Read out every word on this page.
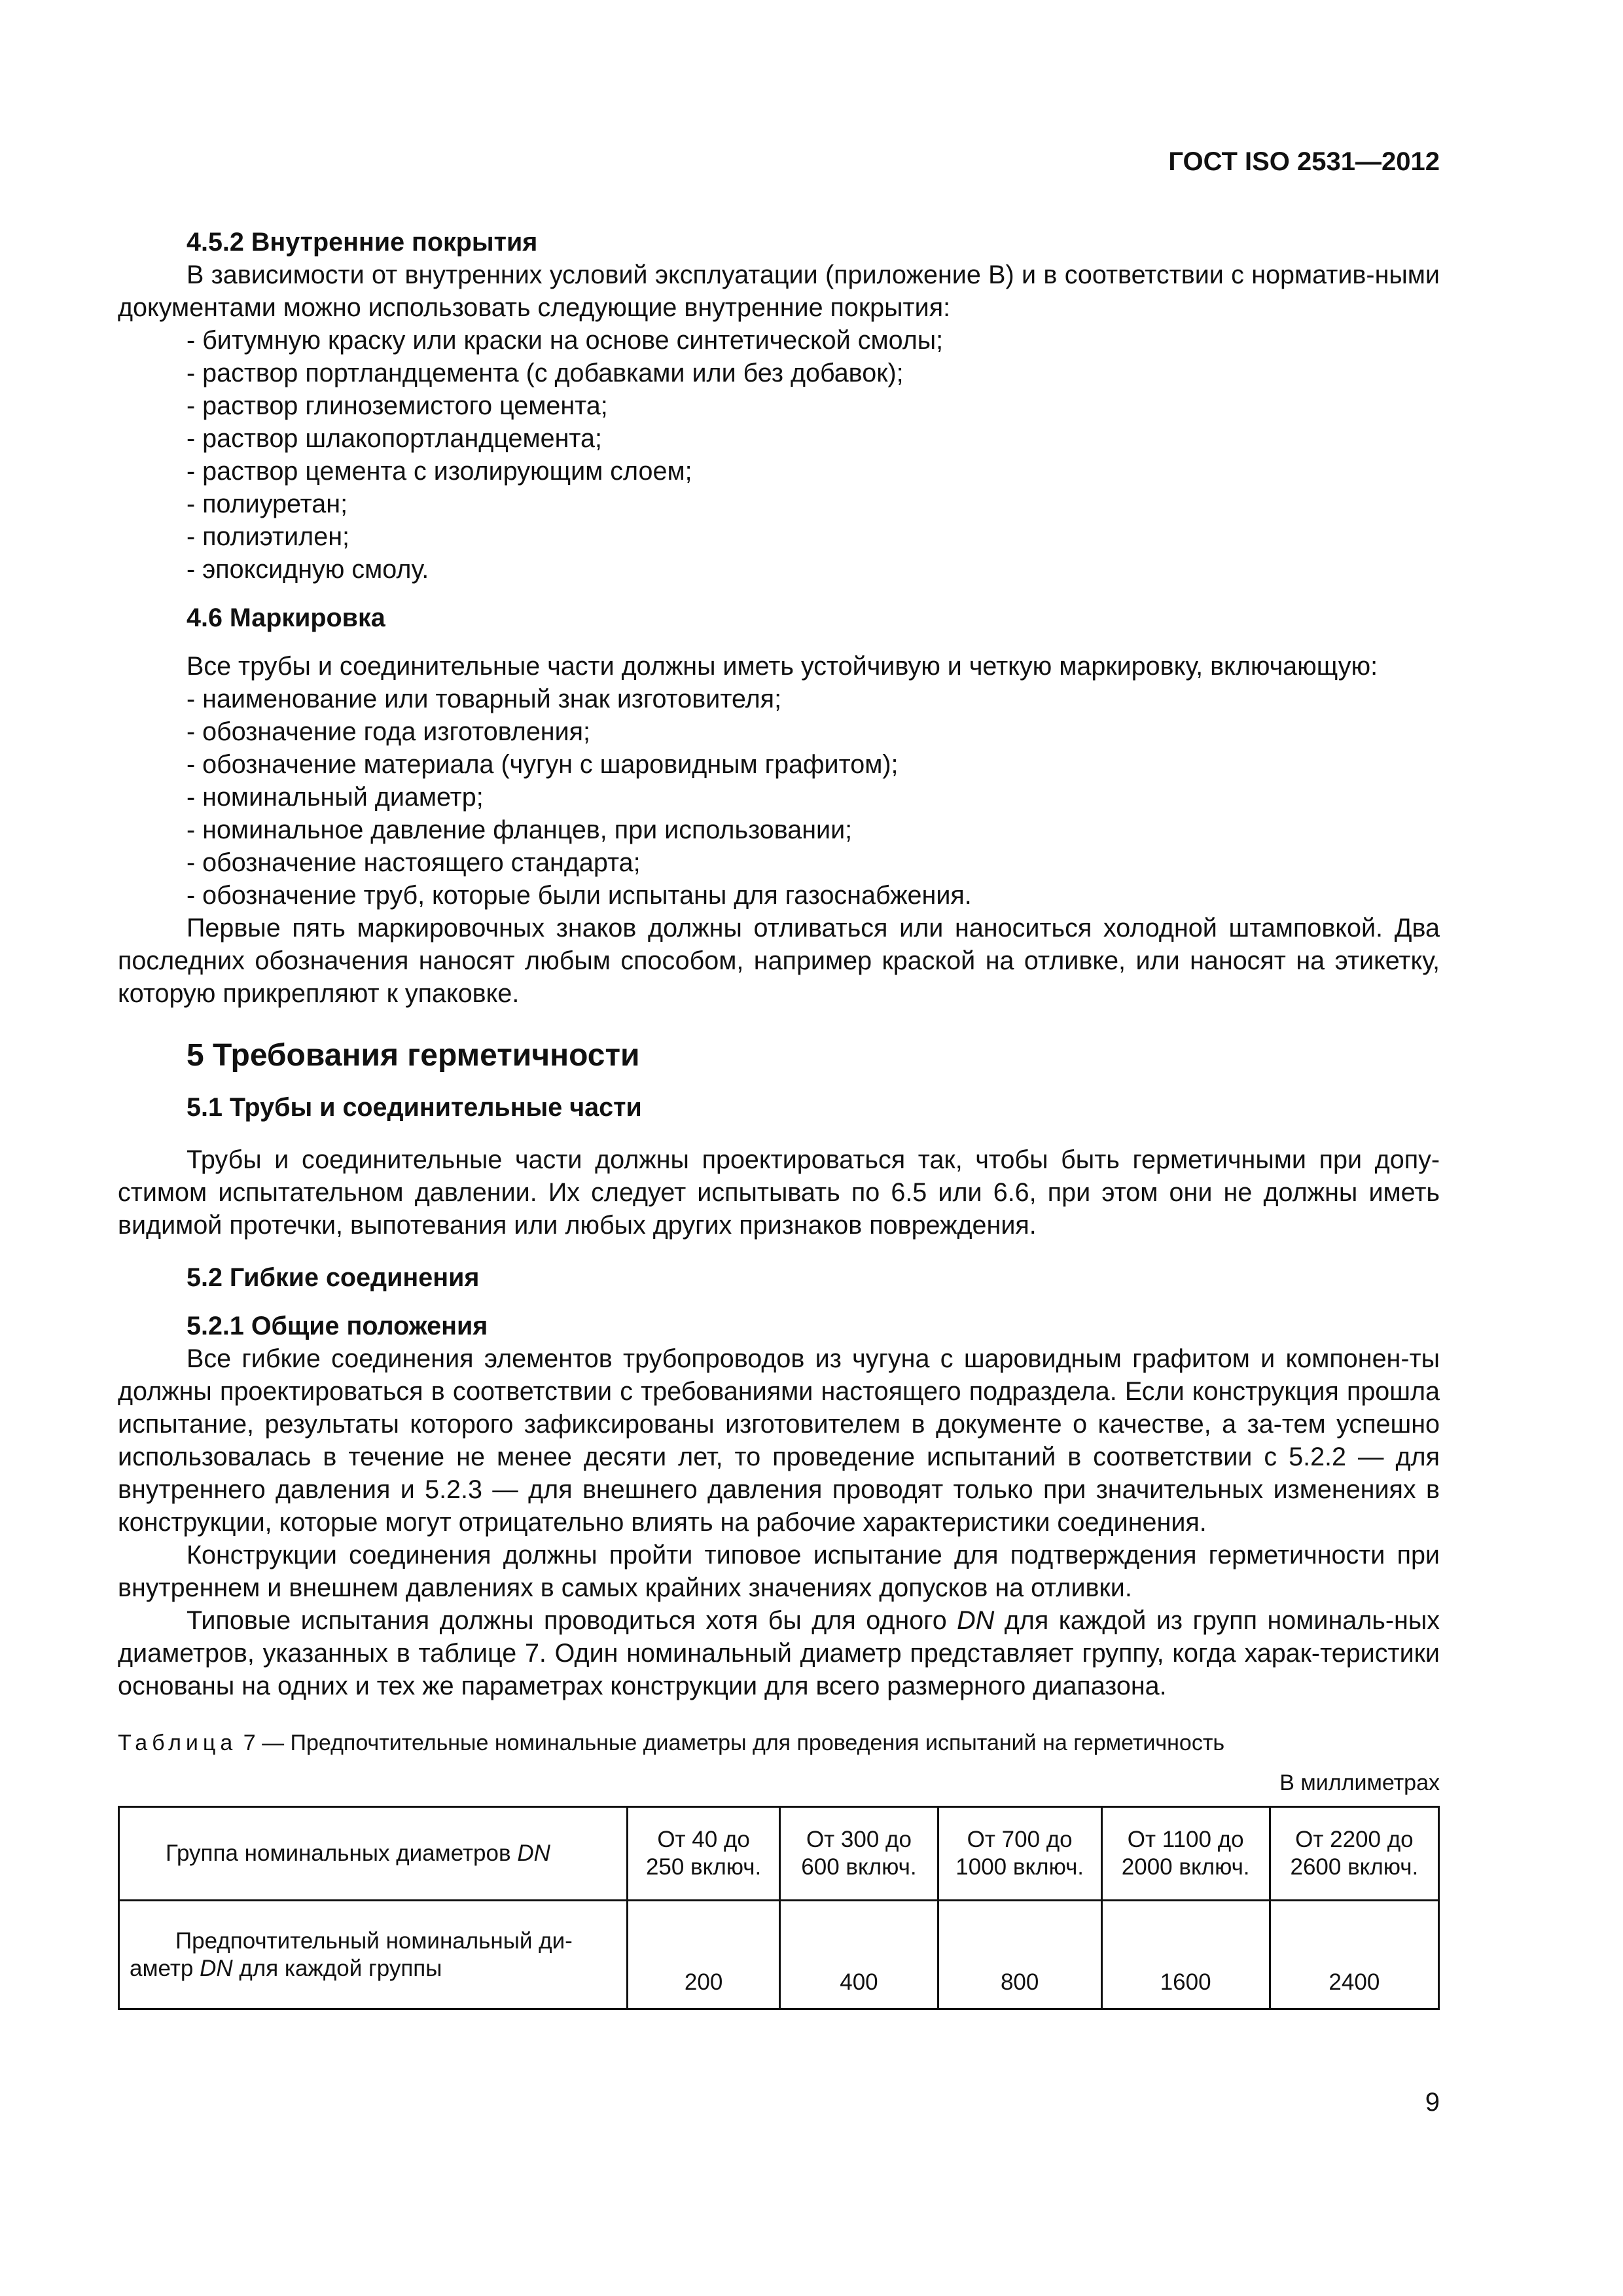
ГОСТ ISO 2531—2012
4.5.2 Внутренние покрытия

В зависимости от внутренних условий эксплуатации (приложение В) и в соответствии с норматив-ными документами можно использовать следующие внутренние покрытия:

- битумную краску или краски на основе синтетической смолы;
- раствор портландцемента (с добавками или без добавок);
- раствор глиноземистого цемента;
- раствор шлакопортландцемента;
- раствор цемента с изолирующим слоем;
- полиуретан;
- полиэтилен;
- эпоксидную смолу.
4.6 Маркировка

Все трубы и соединительные части должны иметь устойчивую и четкую маркировку, включающую:

- наименование или товарный знак изготовителя;
- обозначение года изготовления;
- обозначение материала (чугун с шаровидным графитом);
- номинальный диаметр;
- номинальное давление фланцев, при использовании;
- обозначение настоящего стандарта;
- обозначение труб, которые были испытаны для газоснабжения.

Первые пять маркировочных знаков должны отливаться или наноситься холодной штамповкой. Два последних обозначения наносят любым способом, например краской на отливке, или наносят на этикетку, которую прикрепляют к упаковке.

5 Требования герметичности
5.1 Трубы и соединительные части

Трубы и соединительные части должны проектироваться так, чтобы быть герметичными при допу-стимом испытательном давлении. Их следует испытывать по 6.5 или 6.6, при этом они не должны иметь видимой протечки, выпотевания или любых других признаков повреждения.

5.2 Гибкие соединения
5.2.1 Общие положения

Все гибкие соединения элементов трубопроводов из чугуна с шаровидным графитом и компонен-ты должны проектироваться в соответствии с требованиями настоящего подраздела. Если конструкция прошла испытание, результаты которого зафиксированы изготовителем в документе о качестве, а за-тем успешно использовалась в течение не менее десяти лет, то проведение испытаний в соответствии с 5.2.2 — для внутреннего давления и 5.2.3 — для внешнего давления проводят только при значительных изменениях в конструкции, которые могут отрицательно влиять на рабочие характеристики соединения.

Конструкции соединения должны пройти типовое испытание для подтверждения герметичности при внутреннем и внешнем давлениях в самых крайних значениях допусков на отливки.

Типовые испытания должны проводиться хотя бы для одного DN для каждой из групп номиналь-ных диаметров, указанных в таблице 7. Один номинальный диаметр представляет группу, когда харак-теристики основаны на одних и тех же параметрах конструкции для всего размерного диапазона.

Таблица 7 — Предпочтительные номинальные диаметры для проведения испытаний на герметичность
В миллиметрах
Группа номинальных диаметров DN	От 40 до 250 включ.	От 300 до 600 включ.	От 700 до 1000 включ.	От 1100 до 2000 включ.	От 2200 до 2600 включ.
Предпочтительный номинальный ди-аметр DN для каждой группы	200	400	800	1600	2400
9
